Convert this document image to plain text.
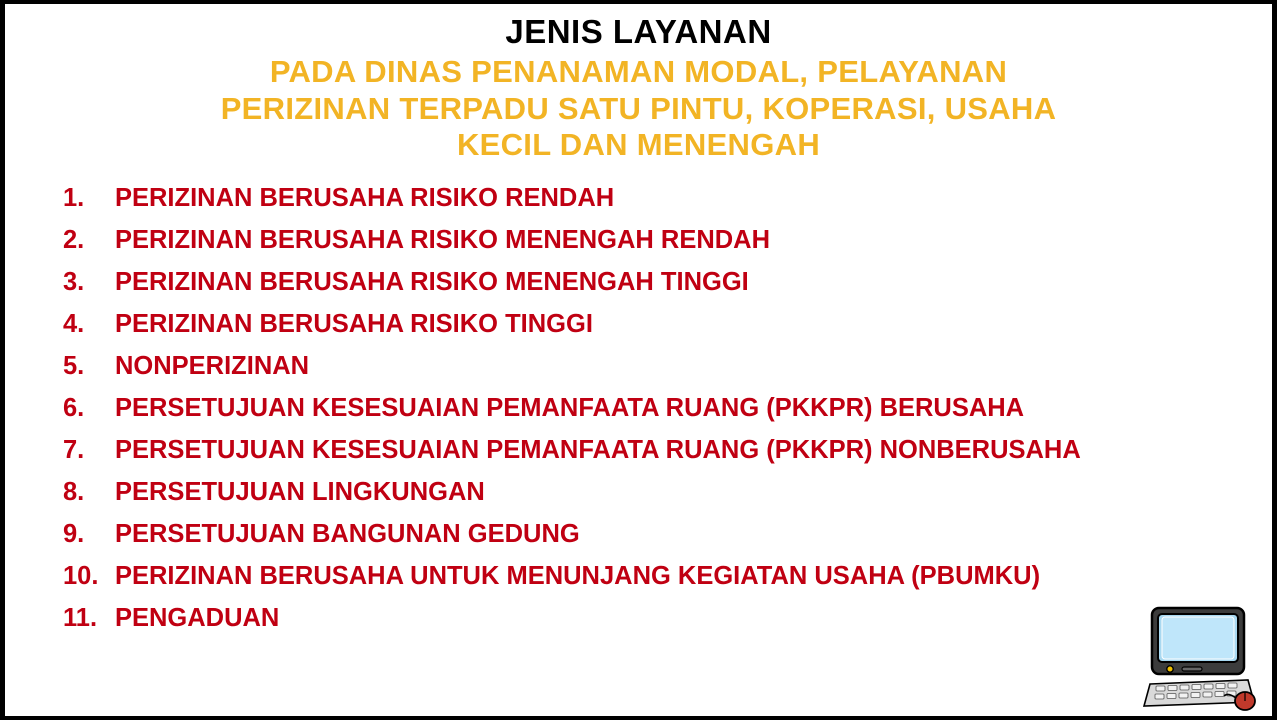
JENIS LAYANAN
PADA DINAS PENANAMAN MODAL, PELAYANAN
PERIZINAN TERPADU SATU PINTU, KOPERASI, USAHA
KECIL DAN MENENGAH
1.	PERIZINAN BERUSAHA RISIKO RENDAH
2.	PERIZINAN BERUSAHA RISIKO MENENGAH RENDAH
3.	PERIZINAN BERUSAHA RISIKO MENENGAH TINGGI
4.	PERIZINAN BERUSAHA RISIKO TINGGI
5.	NONPERIZINAN
6.	PERSETUJUAN KESESUAIAN PEMANFAATA RUANG (PKKPR) BERUSAHA
7.	PERSETUJUAN KESESUAIAN PEMANFAATA RUANG (PKKPR) NONBERUSAHA
8.	PERSETUJUAN LINGKUNGAN
9.	PERSETUJUAN BANGUNAN GEDUNG
10. PERIZINAN BERUSAHA UNTUK MENUNJANG KEGIATAN USAHA (PBUMKU)
11. PENGADUAN
